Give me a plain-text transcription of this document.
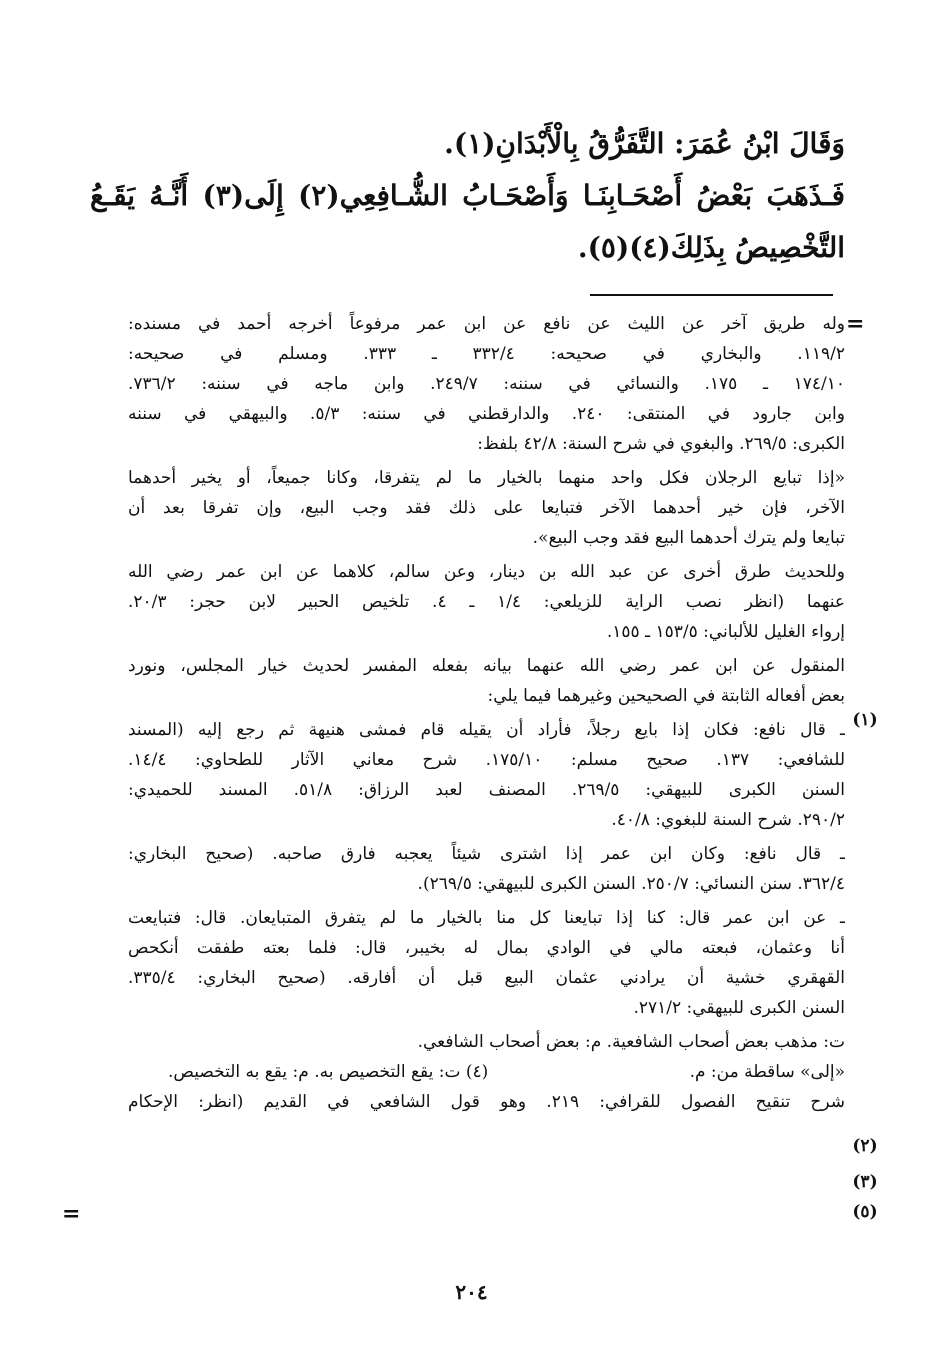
وَقَالَ ابْنُ عُمَرَ: التَّفَرُّقُ بِالْأَبْدَانِ(١).
فَـذَهَبَ بَعْضُ أَصْحَـابِنَـا وَأَصْحَـابُ الشُّـافِعِي(٢) إِلَى(٣) أَنَّـهُ يَقَـعُ
التَّخْصِيصُ بِذَلِكَ(٤)(٥).
=
وله طريق آخر عن الليث عن نافع عن ابن عمر مرفوعاً أخرجه أحمد في مسنده:
١١٩/٢. والبخاري في صحيحه: ٣٣٢/٤ ـ ٣٣٣. ومسلم في صحيحه:
١٧٤/١٠ ـ ١٧٥. والنسائي في سننه: ٢٤٩/٧. وابن ماجه في سننه: ٧٣٦/٢.
وابن جارود في المنتقى: ٢٤٠. والدارقطني في سننه: ٥/٣. والبيهقي في سننه
الكبرى: ٢٦٩/٥. والبغوي في شرح السنة: ٤٢/٨ بلفظ:
«إذا تبايع الرجلان فكل واحد منهما بالخيار ما لم يتفرقا، وكانا جميعاً، أو يخير أحدهما
الآخر، فإن خير أحدهما الآخر فتبايعا على ذلك فقد وجب البيع، وإن تفرقا بعد أن
تبايعا ولم يترك أحدهما البيع فقد وجب البيع».
وللحديث طرق أخرى عن عبد الله بن دينار، وعن سالم، كلاهما عن ابن عمر رضي الله
عنهما (انظر نصب الراية للزيلعي: ١/٤ ـ ٤. تلخيص الحبير لابن حجر: ٢٠/٣.
إرواء الغليل للألباني: ١٥٣/٥ ـ ١٥٥.
المنقول عن ابن عمر رضي الله عنهما بيانه بفعله المفسر لحديث خيار المجلس، ونورد
بعض أفعاله الثابتة في الصحيحين وغيرهما فيما يلي:
ـ قال نافع: فكان إذا بايع رجلاً، فأراد أن يقيله قام فمشى هنيهة ثم رجع إليه (المسند
للشافعي: ١٣٧. صحيح مسلم: ١٧٥/١٠. شرح معاني الآثار للطحاوي: ١٤/٤.
السنن الكبرى للبيهقي: ٢٦٩/٥. المصنف لعبد الرزاق: ٥١/٨. المسند للحميدي:
٢٩٠/٢. شرح السنة للبغوي: ٤٠/٨.
ـ قال نافع: وكان ابن عمر إذا اشترى شيئاً يعجبه فارق صاحبه. (صحيح البخاري:
٣٦٢/٤. سنن النسائي: ٢٥٠/٧. السنن الكبرى للبيهقي: ٢٦٩/٥).
ـ عن ابن عمر قال: كنا إذا تبايعنا كل منا بالخيار ما لم يتفرق المتبايعان. قال: فتبايعت
أنا وعثمان، فبعته مالي في الوادي بمال له بخيبر، قال: فلما بعته طفقت أنكحص
القهقري خشية أن يرادني عثمان البيع قبل أن أفارقه. (صحيح البخاري: ٣٣٥/٤.
السنن الكبرى للبيهقي: ٢٧١/٢.
ت: مذهب بعض أصحاب الشافعية. م: بعض أصحاب الشافعي.
«إلى» ساقطة من: م.
(٤) ت: يقع التخصيص به. م: يقع به التخصيص.
شرح تنقيح الفصول للقرافي: ٢١٩. وهو قول الشافعي في القديم (انظر: الإحكام
(١)
(٢)
(٣)
(٥)
=
٢٠٤
